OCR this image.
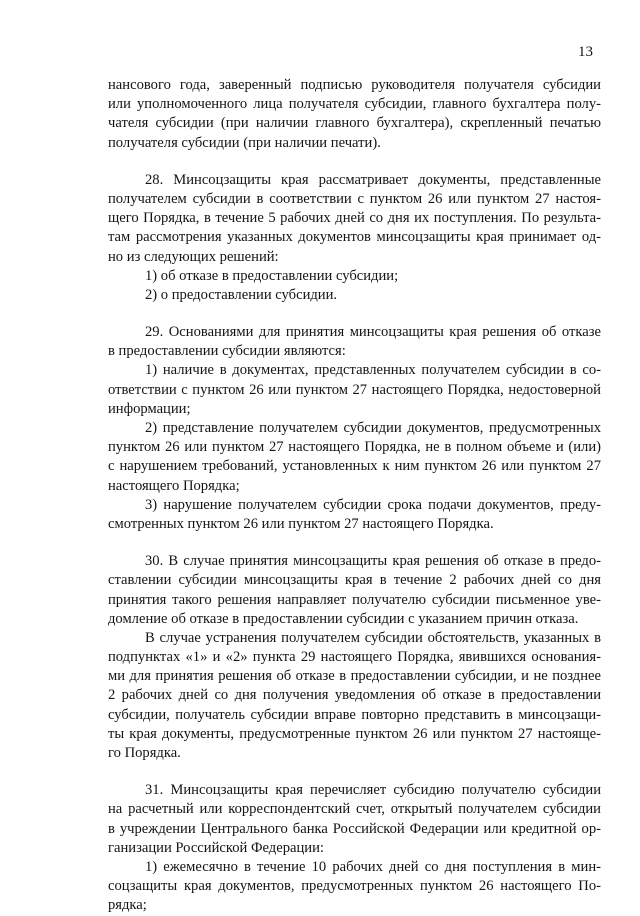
13
нансового года, заверенный подписью руководителя получателя субсидии
или уполномоченного лица получателя субсидии, главного бухгалтера полу-
чателя субсидии (при наличии главного бухгалтера), скрепленный печатью
получателя субсидии (при наличии печати).
28. Минсоцзащиты края рассматривает документы, представленные
получателем субсидии в соответствии с пунктом 26 или пунктом 27 настоя-
щего Порядка, в течение 5 рабочих дней со дня их поступления. По результа-
там рассмотрения указанных документов минсоцзащиты края принимает од-
но из следующих решений:
1) об отказе в предоставлении субсидии;
2) о предоставлении субсидии.
29. Основаниями для принятия минсоцзащиты края решения об отказе
в предоставлении субсидии являются:
1) наличие в документах, представленных получателем субсидии в со-
ответствии с пунктом 26 или пунктом 27 настоящего Порядка, недостоверной
информации;
2) представление получателем субсидии документов, предусмотренных
пунктом 26 или пунктом 27 настоящего Порядка, не в полном объеме и (или)
с нарушением требований, установленных к ним пунктом 26 или пунктом 27
настоящего Порядка;
3) нарушение получателем субсидии срока подачи документов, преду-
смотренных пунктом 26 или пунктом 27 настоящего Порядка.
30. В случае принятия минсоцзащиты края решения об отказе в предо-
ставлении субсидии минсоцзащиты края в течение 2 рабочих дней со дня
принятия такого решения направляет получателю субсидии письменное уве-
домление об отказе в предоставлении субсидии с указанием причин отказа.
В случае устранения получателем субсидии обстоятельств, указанных в
подпунктах «1» и «2» пункта 29 настоящего Порядка, явившихся основания-
ми для принятия решения об отказе в предоставлении субсидии, и не позднее
2 рабочих дней со дня получения уведомления об отказе в предоставлении
субсидии, получатель субсидии вправе повторно представить в минсоцзащи-
ты края документы, предусмотренные пунктом 26 или пунктом 27 настояще-
го Порядка.
31. Минсоцзащиты края перечисляет субсидию получателю субсидии
на расчетный или корреспондентский счет, открытый получателем субсидии
в учреждении Центрального банка Российской Федерации или кредитной ор-
ганизации Российской Федерации:
1) ежемесячно в течение 10 рабочих дней со дня поступления в мин-
соцзащиты края документов, предусмотренных пунктом 26 настоящего По-
рядка;
